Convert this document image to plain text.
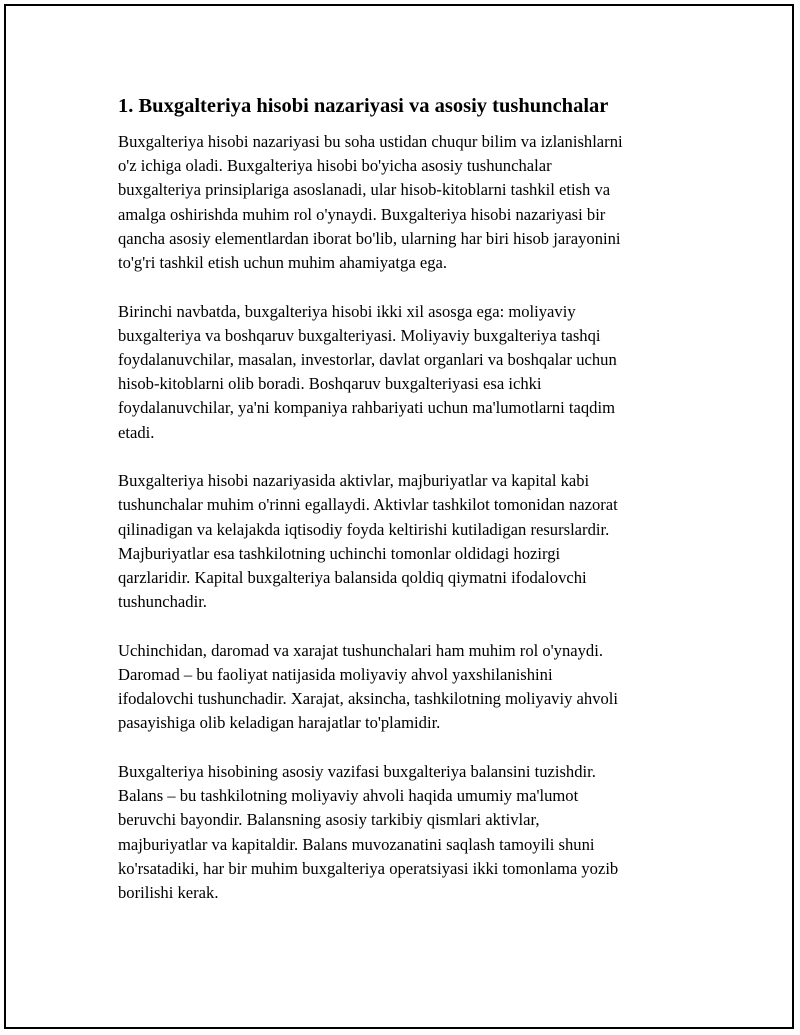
1. Buxgalteriya hisobi nazariyasi va asosiy tushunchalar
Buxgalteriya hisobi nazariyasi bu soha ustidan chuqur bilim va izlanishlarni
o'z ichiga oladi. Buxgalteriya hisobi bo'yicha asosiy tushunchalar
buxgalteriya prinsiplariga asoslanadi, ular hisob-kitoblarni tashkil etish va
amalga oshirishda muhim rol o'ynaydi. Buxgalteriya hisobi nazariyasi bir
qancha asosiy elementlardan iborat bo'lib, ularning har biri hisob jarayonini
to'g'ri tashkil etish uchun muhim ahamiyatga ega.
Birinchi navbatda, buxgalteriya hisobi ikki xil asosga ega: moliyaviy
buxgalteriya va boshqaruv buxgalteriyasi. Moliyaviy buxgalteriya tashqi
foydalanuvchilar, masalan, investorlar, davlat organlari va boshqalar uchun
hisob-kitoblarni olib boradi. Boshqaruv buxgalteriyasi esa ichki
foydalanuvchilar, ya'ni kompaniya rahbariyati uchun ma'lumotlarni taqdim
etadi.
Buxgalteriya hisobi nazariyasida aktivlar, majburiyatlar va kapital kabi
tushunchalar muhim o'rinni egallaydi. Aktivlar tashkilot tomonidan nazorat
qilinadigan va kelajakda iqtisodiy foyda keltirishi kutiladigan resurslardir.
Majburiyatlar esa tashkilotning uchinchi tomonlar oldidagi hozirgi
qarzlaridir. Kapital buxgalteriya balansida qoldiq qiymatni ifodalovchi
tushunchadir.
Uchinchidan, daromad va xarajat tushunchalari ham muhim rol o'ynaydi.
Daromad – bu faoliyat natijasida moliyaviy ahvol yaxshilanishini
ifodalovchi tushunchadir. Xarajat, aksincha, tashkilotning moliyaviy ahvoli
pasayishiga olib keladigan harajatlar to'plamidir.
Buxgalteriya hisobining asosiy vazifasi buxgalteriya balansini tuzishdir.
Balans – bu tashkilotning moliyaviy ahvoli haqida umumiy ma'lumot
beruvchi bayondir. Balansning asosiy tarkibiy qismlari aktivlar,
majburiyatlar va kapitaldir. Balans muvozanatini saqlash tamoyili shuni
ko'rsatadiki, har bir muhim buxgalteriya operatsiyasi ikki tomonlama yozib
borilishi kerak.
